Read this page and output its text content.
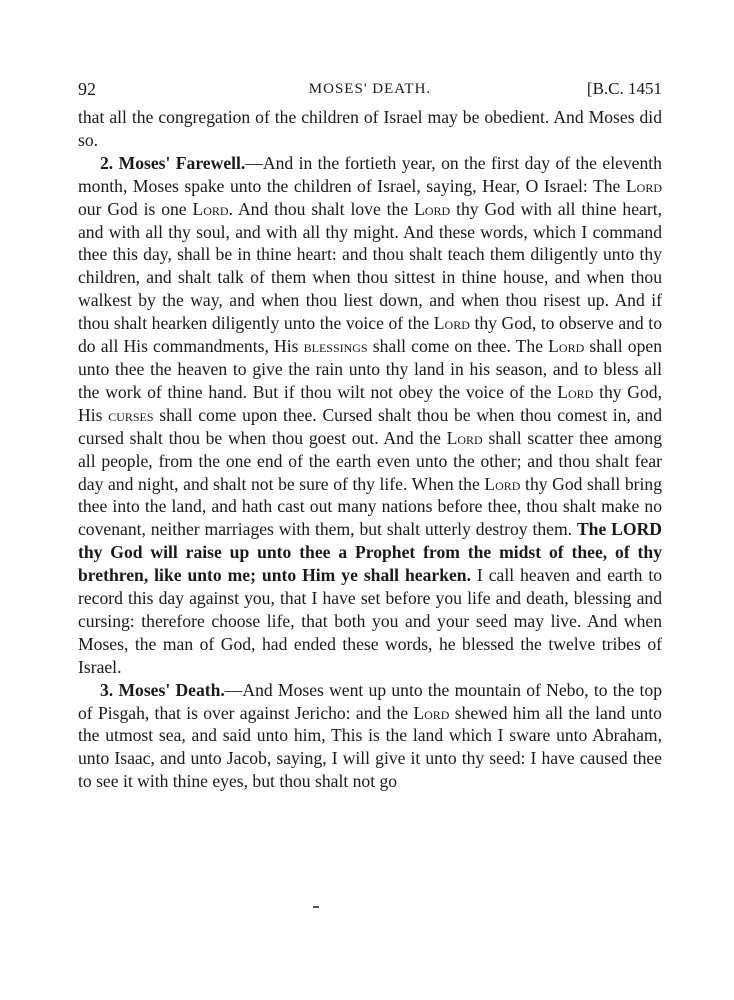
92	MOSES' DEATH.	[B.C. 1451

that all the congregation of the children of Israel may be obedient. And Moses did so.

2. Moses' Farewell.—And in the fortieth year, on the first day of the eleventh month, Moses spake unto the children of Israel, saying, Hear, O Israel: The Lord our God is one Lord. And thou shalt love the Lord thy God with all thine heart, and with all thy soul, and with all thy might. And these words, which I command thee this day, shall be in thine heart: and thou shalt teach them diligently unto thy children, and shalt talk of them when thou sittest in thine house, and when thou walkest by the way, and when thou liest down, and when thou risest up. And if thou shalt hearken diligently unto the voice of the Lord thy God, to observe and to do all His commandments, His blessings shall come on thee. The Lord shall open unto thee the heaven to give the rain unto thy land in his season, and to bless all the work of thine hand. But if thou wilt not obey the voice of the Lord thy God, His curses shall come upon thee. Cursed shalt thou be when thou comest in, and cursed shalt thou be when thou goest out. And the Lord shall scatter thee among all people, from the one end of the earth even unto the other; and thou shalt fear day and night, and shalt not be sure of thy life. When the Lord thy God shall bring thee into the land, and hath cast out many nations before thee, thou shalt make no covenant, neither marriages with them, but shalt utterly destroy them. The LORD thy God will raise up unto thee a Prophet from the midst of thee, of thy brethren, like unto me; unto Him ye shall hearken. I call heaven and earth to record this day against you, that I have set before you life and death, blessing and cursing: therefore choose life, that both you and your seed may live. And when Moses, the man of God, had ended these words, he blessed the twelve tribes of Israel.

3. Moses' Death.—And Moses went up unto the mountain of Nebo, to the top of Pisgah, that is over against Jericho: and the Lord shewed him all the land unto the utmost sea, and said unto him, This is the land which I sware unto Abraham, unto Isaac, and unto Jacob, saying, I will give it unto thy seed: I have caused thee to see it with thine eyes, but thou shalt not go
